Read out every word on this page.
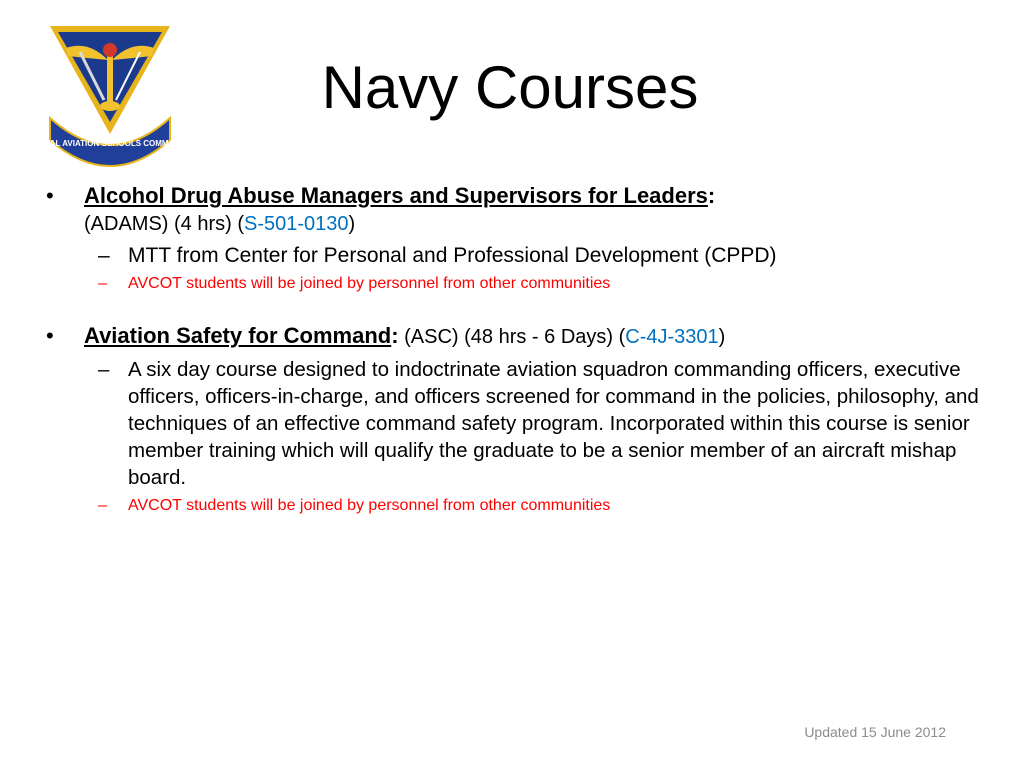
NAVAL AVIATION SCHOOLS COMMAND
Navy Courses
•	Alcohol Drug Abuse Managers and Supervisors for Leaders:
(ADAMS) (4 hrs) (S-501-0130)
– MTT from Center for Personal and Professional Development (CPPD)
– AVCOT students will be joined by personnel from other communities
•	Aviation Safety for Command: (ASC) (48 hrs - 6 Days) (C-4J-3301)
– A six day course designed to indoctrinate aviation squadron commanding officers, executive officers, officers-in-charge, and officers screened for command in the policies, philosophy, and techniques of an effective command safety program. Incorporated within this course is senior member training which will qualify the graduate to be a senior member of an aircraft mishap board.
– AVCOT students will be joined by personnel from other communities
Updated 15 June 2012
